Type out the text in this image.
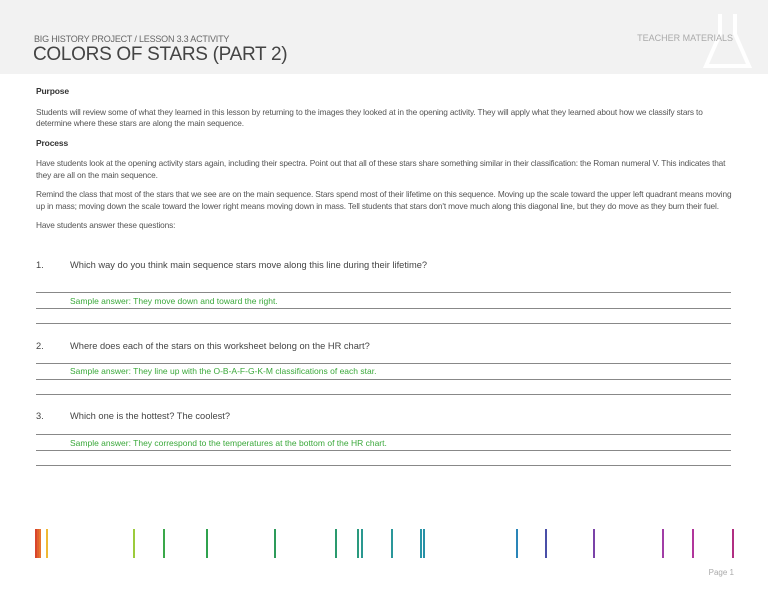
BIG HISTORY PROJECT / LESSON 3.3 ACTIVITY
COLORS OF STARS (PART 2)
TEACHER MATERIALS
Purpose

Students will review some of what they learned in this lesson by returning to the images they looked at in the opening activity. They will apply what they learned about how we classify stars to determine where these stars are along the main sequence.

Process

Have students look at the opening activity stars again, including their spectra. Point out that all of these stars share something similar in their classification: the Roman numeral V. This indicates that they are all on the main sequence.

Remind the class that most of the stars that we see are on the main sequence. Stars spend most of their lifetime on this sequence. Moving up the scale toward the upper left quadrant means moving up in mass; moving down the scale toward the lower right means moving down in mass. Tell students that stars don't move much along this diagonal line, but they do move as they burn their fuel.

Have students answer these questions:

1.	Which way do you think main sequence stars move along this line during their lifetime?
Sample answer: They move down and toward the right.
2.	Where does each of the stars on this worksheet belong on the HR chart?
Sample answer: They line up with the O-B-A-F-G-K-M classifications of each star.
3.	Which one is the hottest? The coolest?
Sample answer: They correspond to the temperatures at the bottom of the HR chart.
Page 1
